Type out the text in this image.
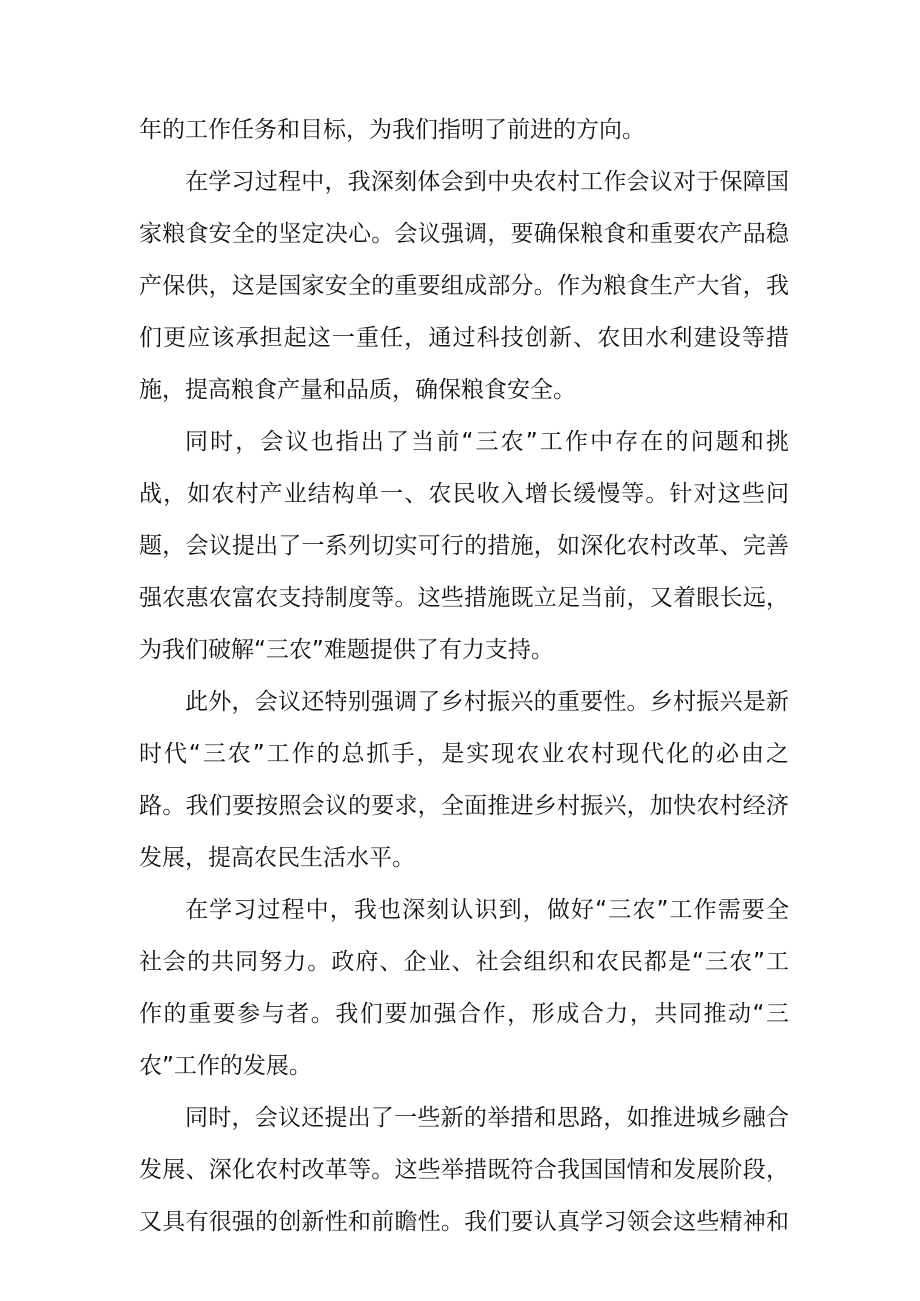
年的工作任务和目标，为我们指明了前进的方向。

在学习过程中，我深刻体会到中央农村工作会议对于保障国

家粮食安全的坚定决心。会议强调，要确保粮食和重要农产品稳

产保供，这是国家安全的重要组成部分。作为粮食生产大省，我

们更应该承担起这一重任，通过科技创新、农田水利建设等措

施，提高粮食产量和品质，确保粮食安全。

同时，会议也指出了当前“三农”工作中存在的问题和挑

战，如农村产业结构单一、农民收入增长缓慢等。针对这些问

题，会议提出了一系列切实可行的措施，如深化农村改革、完善

强农惠农富农支持制度等。这些措施既立足当前，又着眼长远，

为我们破解“三农”难题提供了有力支持。

此外，会议还特别强调了乡村振兴的重要性。乡村振兴是新

时代“三农”工作的总抓手，是实现农业农村现代化的必由之

路。我们要按照会议的要求，全面推进乡村振兴，加快农村经济

发展，提高农民生活水平。

在学习过程中，我也深刻认识到，做好“三农”工作需要全

社会的共同努力。政府、企业、社会组织和农民都是“三农”工

作的重要参与者。我们要加强合作，形成合力，共同推动“三

农”工作的发展。

同时，会议还提出了一些新的举措和思路，如推进城乡融合

发展、深化农村改革等。这些举措既符合我国国情和发展阶段，

又具有很强的创新性和前瞻性。我们要认真学习领会这些精神和
